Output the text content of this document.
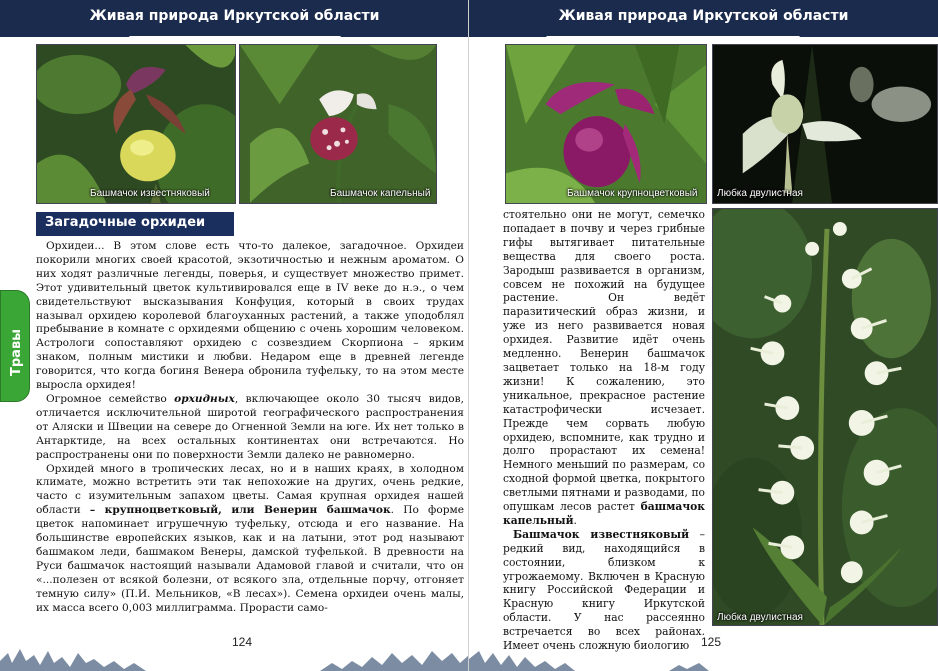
Живая природа Иркутской области
Башмачок известняковый	Башмачок капельный
Загадочные орхидеи
Травы

Орхидеи... В этом слове есть что-то далекое, загадочное. Орхидеи покорили многих своей красотой, экзотичностью и нежным ароматом. О них ходят различные легенды, поверья, и существует множество примет. Этот удивительный цветок культивировался еще в IV веке до н.э., о чем свидетельствуют высказывания Конфуция, который в своих трудах называл орхидею королевой благоуханных растений, а также уподоблял пребывание в комнате с орхидеями общению с очень хорошим человеком. Астрологи сопоставляют орхидею с созвездием Скорпиона – ярким знаком, полным мистики и любви. Недаром еще в древней легенде говорится, что когда богиня Венера обронила туфельку, то на этом месте выросла орхидея!

Огромное семейство орхидных, включающее около 30 тысяч видов, отличается исключительной широтой географического распространения от Аляски и Швеции на севере до Огненной Земли на юге. Их нет только в Антарктиде, на всех остальных континентах они встречаются. Но распространены они по поверхности Земли далеко не равномерно.

Орхидей много в тропических лесах, но и в наших краях, в холодном климате, можно встретить эти так непохожие на других, очень редкие, часто с изумительным запахом цветы. Самая крупная орхидея нашей области – крупноцветковый, или Венерин башмачок. По форме цветок напоминает игрушечную туфельку, отсюда и его название. На большинстве европейских языков, как и на латыни, этот род называют башмаком леди, башмаком Венеры, дамской туфелькой. В древности на Руси башмачок настоящий называли Адамовой главой и считали, что он «...полезен от всякой болезни, от всякого зла, отдельные порчу, отгоняет темную силу» (П.И. Мельников, «В лесах»). Семена орхидеи очень малы, их масса всего 0,003 миллиграмма. Прорасти само-

124
Живая природа Иркутской области
Башмачок крупноцветковый Любка двулистная
Любка двулистная

стоятельно они не могут, семечко попадает в почву и через грибные гифы вытягивает питательные вещества для своего роста. Зародыш развивается в организм, совсем не похожий на будущее растение. Он ведёт паразитический образ жизни, и уже из него развивается новая орхидея. Развитие идёт очень медленно. Венерин башмачок зацветает только на 18-м году жизни! К сожалению, это уникальное, прекрасное растение катастрофически исчезает. Прежде чем сорвать любую орхидею, вспомните, как трудно и долго прорастают их семена! Немного меньший по размерам, со сходной формой цветка, покрытого светлыми пятнами и разводами, по опушкам лесов растет башмачок капельный.

Башмачок известняковый – редкий вид, находящийся в состоянии, близком к угрожаемому. Включен в Красную книгу Российской Федерации и Красную книгу Иркутской области. У нас рассеянно встречается во всех районах. Имеет очень сложную биологию 125
